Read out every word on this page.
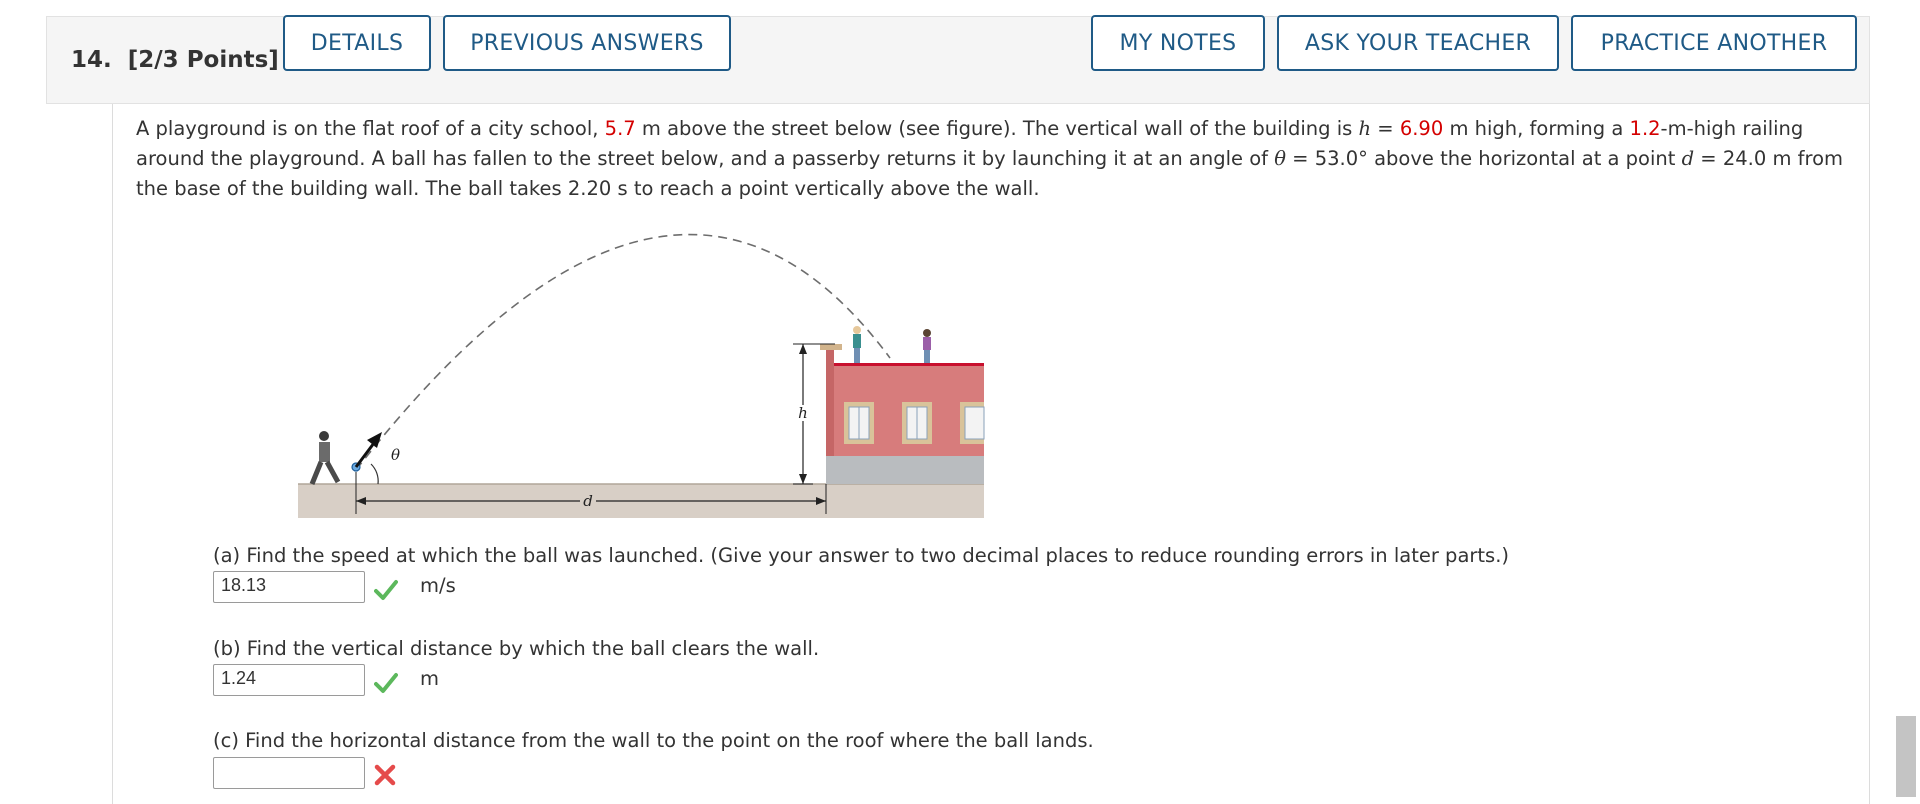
14. [2/3 Points]
DETAILS	PREVIOUS ANSWERS	MY NOTES	ASK YOUR TEACHER	PRACTICE ANOTHER
A playground is on the flat roof of a city school, 5.7 m above the street below (see figure). The vertical wall of the building is h = 6.90 m high, forming a 1.2-m-high railing around the playground. A ball has fallen to the street below, and a passerby returns it by launching it at an angle of θ = 53.0° above the horizontal at a point d = 24.0 m from the base of the building wall. The ball takes 2.20 s to reach a point vertically above the wall.
θ
h
d
(a) Find the speed at which the ball was launched. (Give your answer to two decimal places to reduce rounding errors in later parts.)
18.13	m/s
(b) Find the vertical distance by which the ball clears the wall.
1.24	m
(c) Find the horizontal distance from the wall to the point on the roof where the ball lands.
